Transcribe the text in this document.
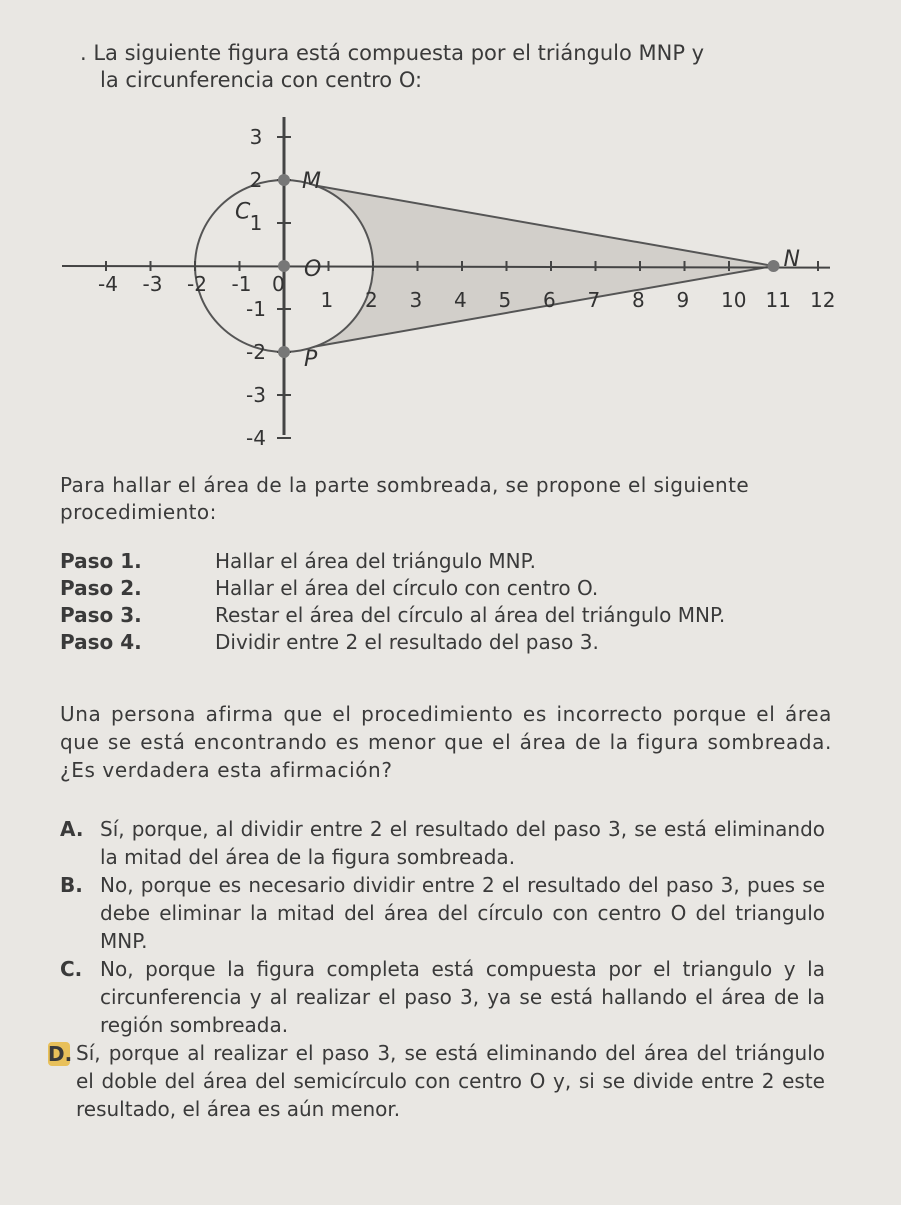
. La siguiente figura está compuesta por el triángulo MNP y
la circunferencia con centro O:
-4 -3 -2 -1 0
1 2 3 4 5 6 7 8 9 10 11 12
3
2
1
-1
-2
-3
-4
M
N
P
O
C
Para hallar el área de la parte sombreada, se propone el siguiente procedimiento:
Paso 1.	Hallar el área del triángulo MNP.
Paso 2.	Hallar el área del círculo con centro O.
Paso 3.	Restar el área del círculo al área del triángulo MNP.
Paso 4.	Dividir entre 2 el resultado del paso 3.
Una persona afirma que el procedimiento es incorrecto porque el área que se está encontrando es menor que el área de la figura sombreada. ¿Es verdadera esta afirmación?
A. Sí, porque, al dividir entre 2 el resultado del paso 3, se está eliminando la mitad del área de la figura sombreada.
B. No, porque es necesario dividir entre 2 el resultado del paso 3, pues se debe eliminar la mitad del área del círculo con centro O del triangulo MNP.
C. No, porque la figura completa está compuesta por el triangulo y la circunferencia y al realizar el paso 3, ya se está hallando el área de la región sombreada.
D. Sí, porque al realizar el paso 3, se está eliminando del área del triángulo el doble del área del semicírculo con centro O y, si se divide entre 2 este resultado, el área es aún menor.
